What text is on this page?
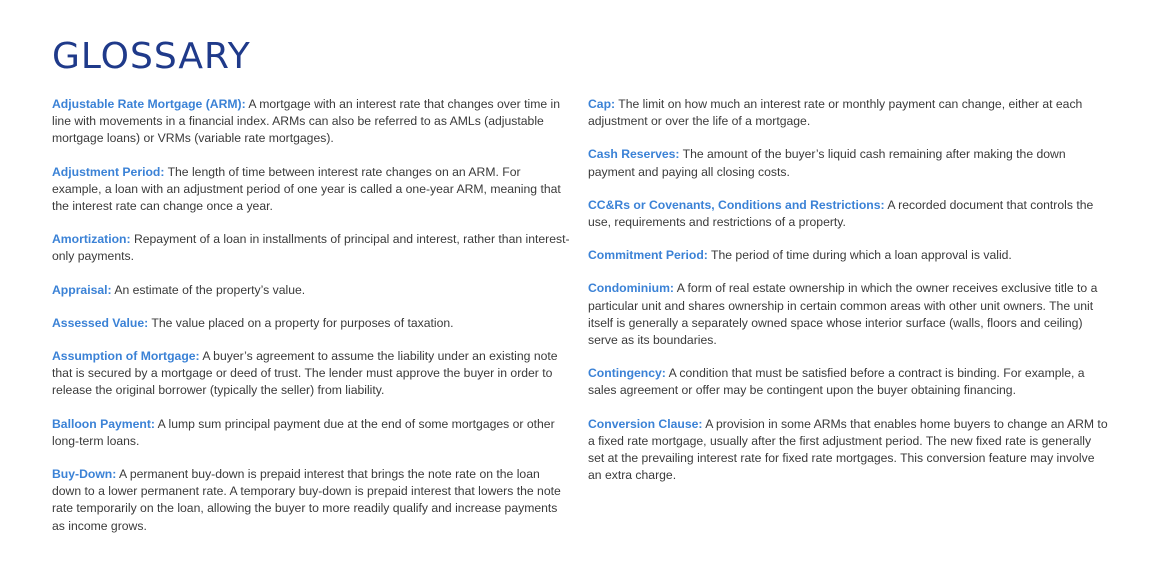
GLOSSARY

Adjustable Rate Mortgage (ARM): A mortgage with an interest rate that changes over time in line with movements in a financial index. ARMs can also be referred to as AMLs (adjustable mortgage loans) or VRMs (variable rate mortgages).

Adjustment Period: The length of time between interest rate changes on an ARM. For example, a loan with an adjustment period of one year is called a one-year ARM, meaning that the interest rate can change once a year.

Amortization: Repayment of a loan in installments of principal and interest, rather than interest-only payments.

Appraisal: An estimate of the property’s value.

Assessed Value: The value placed on a property for purposes of taxation.

Assumption of Mortgage: A buyer’s agreement to assume the liability under an existing note that is secured by a mortgage or deed of trust. The lender must approve the buyer in order to release the original borrower (typically the seller) from liability.

Balloon Payment: A lump sum principal payment due at the end of some mortgages or other long-term loans.

Buy-Down: A permanent buy-down is prepaid interest that brings the note rate on the loan down to a lower permanent rate. A temporary buy-down is prepaid interest that lowers the note rate temporarily on the loan, allowing the buyer to more readily qualify and increase payments as income grows.

Cap: The limit on how much an interest rate or monthly payment can change, either at each adjustment or over the life of a mortgage.

Cash Reserves: The amount of the buyer’s liquid cash remaining after making the down payment and paying all closing costs.

CC&Rs or Covenants, Conditions and Restrictions: A recorded document that controls the use, requirements and restrictions of a property.

Commitment Period: The period of time during which a loan approval is valid.

Condominium: A form of real estate ownership in which the owner receives exclusive title to a particular unit and shares ownership in certain common areas with other unit owners. The unit itself is generally a separately owned space whose interior surface (walls, floors and ceiling) serve as its boundaries.

Contingency: A condition that must be satisfied before a contract is binding. For example, a sales agreement or offer may be contingent upon the buyer obtaining financing.

Conversion Clause: A provision in some ARMs that enables home buyers to change an ARM to a fixed rate mortgage, usually after the first adjustment period. The new fixed rate is generally set at the prevailing interest rate for fixed rate mortgages. This conversion feature may involve an extra charge.
